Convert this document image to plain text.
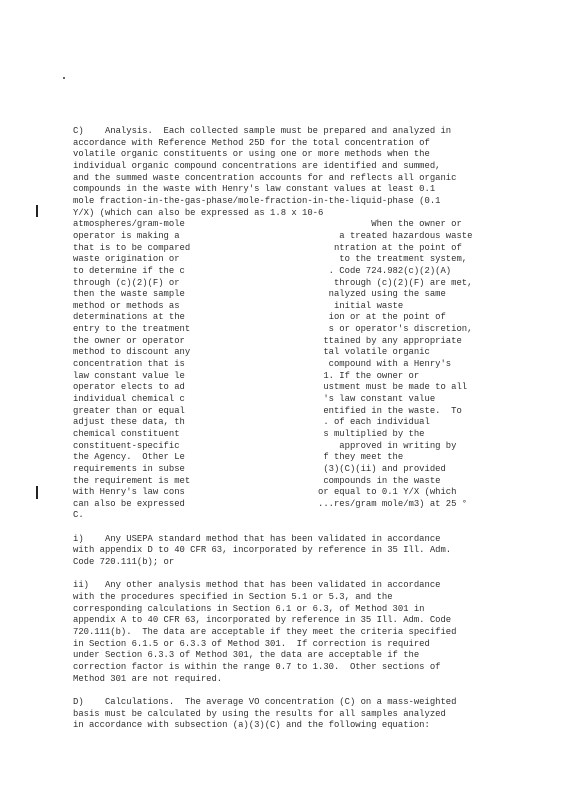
C)    Analysis.  Each collected sample must be prepared and analyzed in
accordance with Reference Method 25D for the total concentration of
volatile organic constituents or using one or more methods when the
individual organic compound concentrations are identified and summed,
and the summed waste concentration accounts for and reflects all organic
compounds in the waste with Henry's law constant values at least 0.1
mole fraction-in-the-gas-phase/mole-fraction-in-the-liquid-phase (0.1
Y/X) (which can also be expressed as 1.8 x 10-6
atmospheres/gram-mole                                   When the owner or
operator is making a                              a treated hazardous waste
that is to be compared                           ntration at the point of
waste origination or                              to the treatment system,
to determine if the c                           . Code 724.982(c)(2)(A)
through (c)(2)(F) or                             through (c)(2)(F) are met,
then the waste sample                           nalyzed using the same
method or methods as                             initial waste
determinations at the                           ion or at the point of
entry to the treatment                          s or operator's discretion,
the owner or operator                          ttained by any appropriate
method to discount any                         tal volatile organic
concentration that is                           compound with a Henry's
law constant value le                          1. If the owner or
operator elects to ad                          ustment must be made to all
individual chemical c                          's law constant value
greater than or equal                          entified in the waste.  To
adjust these data, th                          . of each individual
chemical constituent                           s multiplied by the
constituent-specific                              approved in writing by
the Agency.  Other Le                          f they meet the
requirements in subse                          (3)(C)(ii) and provided
the requirement is met                         compounds in the waste
with Henry's law cons                         or equal to 0.1 Y/X (which
can also be expressed                         ...res/gram mole/m3) at 25 °
C.
i)    Any USEPA standard method that has been validated in accordance
with appendix D to 40 CFR 63, incorporated by reference in 35 Ill. Adm.
Code 720.111(b); or
ii)   Any other analysis method that has been validated in accordance
with the procedures specified in Section 5.1 or 5.3, and the
corresponding calculations in Section 6.1 or 6.3, of Method 301 in
appendix A to 40 CFR 63, incorporated by reference in 35 Ill. Adm. Code
720.111(b).  The data are acceptable if they meet the criteria specified
in Section 6.1.5 or 6.3.3 of Method 301.  If correction is required
under Section 6.3.3 of Method 301, the data are acceptable if the
correction factor is within the range 0.7 to 1.30.  Other sections of
Method 301 are not required.
D)    Calculations.  The average VO concentration (C) on a mass-weighted
basis must be calculated by using the results for all samples analyzed
in accordance with subsection (a)(3)(C) and the following equation:
